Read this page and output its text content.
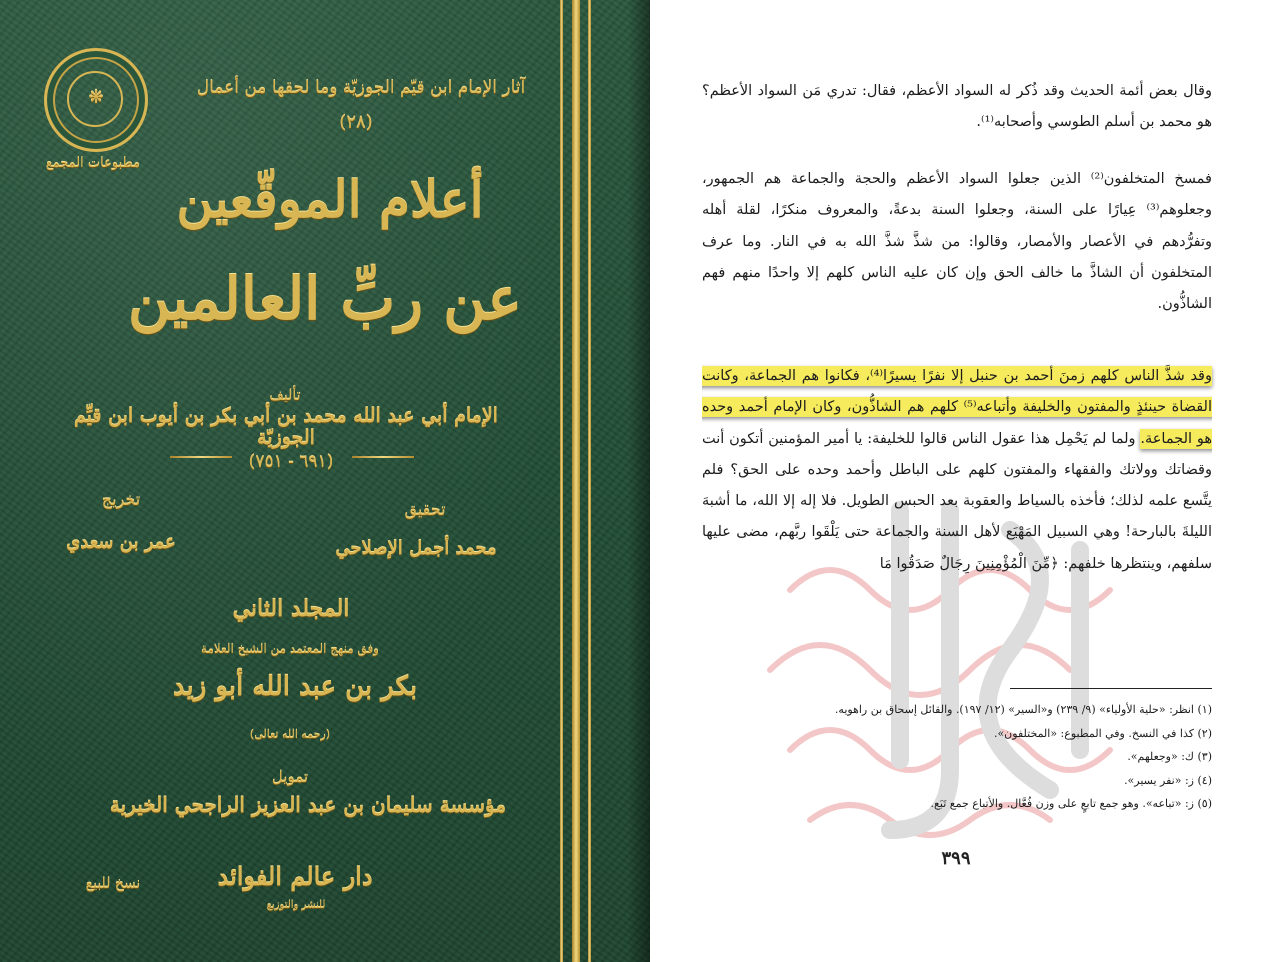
❋
مطبوعات المجمع
آثار الإمام ابن قيّم الجوزيّة وما لحقها من أعمال
(٢٨)
أعلام الموقّعين
عن ربِّ العالمين
تأليف
الإمام أبي عبد الله محمد بن أبي بكر بن أيوب ابن قيِّم الجوزيّة
(٦٩١ - ٧٥١)
تحقيق
محمد أجمل الإصلاحي
تخريج
عمر بن سعدي
المجلد الثاني
وفق منهج المعتمد من الشيخ العلامة
بكر بن عبد الله أبو زيد
(رحمه الله تعالى)
تمويل
مؤسسة سليمان بن عبد العزيز الراجحي الخيرية
دار عالم الفوائد
للنشر والتوزيع
نسخ للبيع
وقال بعض أئمة الحديث وقد ذُكر له السواد الأعظم، فقال: تدري مَن السواد الأعظم؟ هو محمد بن أسلم الطوسي وأصحابه⁽¹⁾.
فمسخ المتخلفون⁽²⁾ الذين جعلوا السواد الأعظم والحجة والجماعة هم الجمهور، وجعلوهم⁽³⁾ عِيارًا على السنة، وجعلوا السنة بدعةً، والمعروف منكرًا، لقلة أهله وتفرُّدهم في الأعصار والأمصار، وقالوا: من شذَّ شذَّ الله به في النار. وما عرف المتخلفون أن الشاذَّ ما خالف الحق وإن كان عليه الناس كلهم إلا واحدًا منهم فهم الشاذُّون.
وقد شذَّ الناس كلهم زمنَ أحمد بن حنبل إلا نفرًا يسيرًا⁽⁴⁾، فكانوا هم الجماعة، وكانت القضاة حينئذٍ والمفتون والخليفة وأتباعه⁽⁵⁾ كلهم هم الشاذُّون، وكان الإمام أحمد وحده هو الجماعة. ولما لم يَحْمِل هذا عقول الناس قالوا للخليفة: يا أمير المؤمنين أتكون أنت وقضاتك وولاتك والفقهاء والمفتون كلهم على الباطل وأحمد وحده على الحق؟ فلم يتَّسع علمه لذلك؛ فأخذه بالسياط والعقوبة بعد الحبس الطويل. فلا إله إلا الله، ما أشبهَ الليلةَ بالبارحة! وهي السبيل المَهْيَع لأهل السنة والجماعة حتى يَلْقَوا ربَّهم، مضى عليها سلفهم، وينتظرها خلفهم: ﴿مِّنَ الْمُؤْمِنِينَ رِجَالٌ صَدَقُوا مَا
(١) انظر: «حلية الأولياء» (٩/ ٢٣٩) و«السير» (١٢/ ١٩٧). والقائل إسحاق بن راهويه.
(٢) كذا في النسخ. وفي المطبوع: «المختلفون».
(٣) ك: «وجعلهم».
(٤) ز: «نفر يسير».
(٥) ز: «تباعه». وهو جمع تابعٍ على وزن فُعَّال. والأتباع جمع تَبَع.
٣٩٩
